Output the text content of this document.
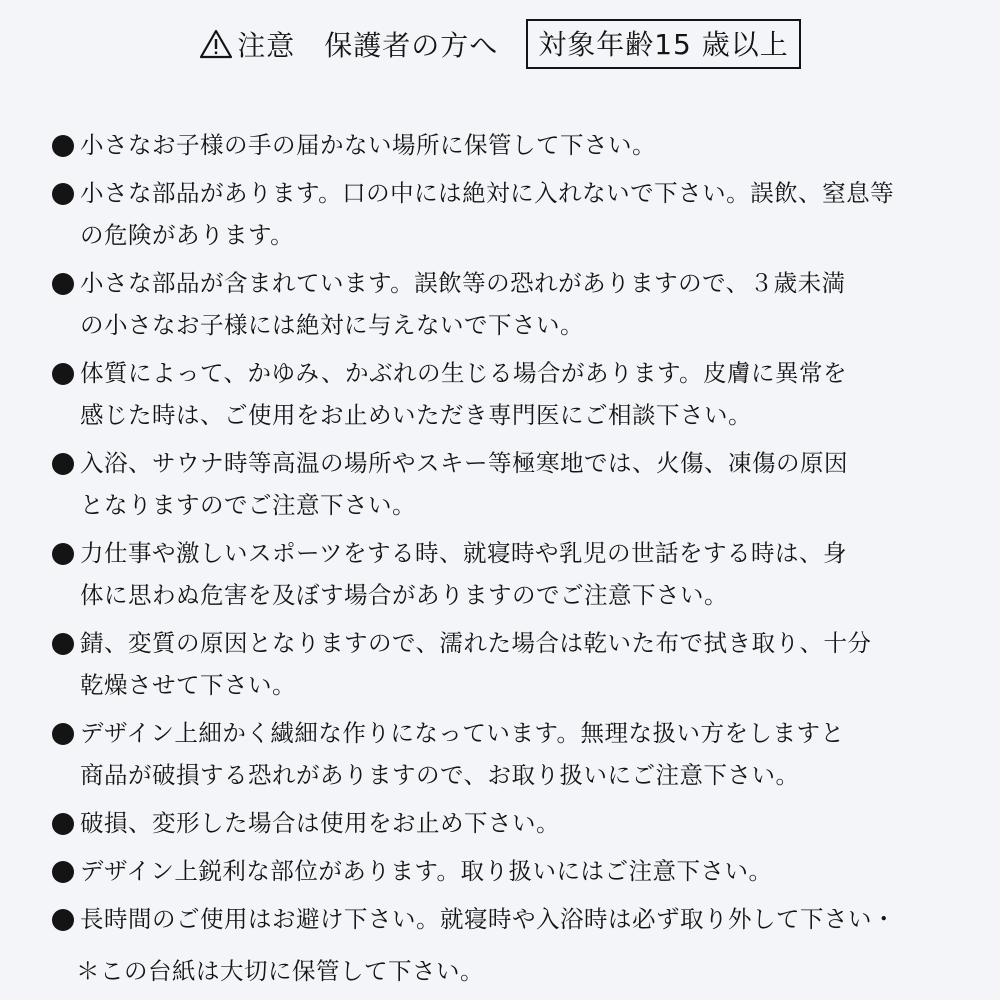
注意　保護者の方へ	対象年齢15 歳以上
小さなお子様の手の届かない場所に保管して下さい。
小さな部品があります。口の中には絶対に入れないで下さい。誤飲、窒息等
の危険があります。
小さな部品が含まれています。誤飲等の恐れがありますので、３歳未満
の小さなお子様には絶対に与えないで下さい。
体質によって、かゆみ、かぶれの生じる場合があります。皮膚に異常を
感じた時は、ご使用をお止めいただき専門医にご相談下さい。
入浴、サウナ時等高温の場所やスキー等極寒地では、火傷、凍傷の原因
となりますのでご注意下さい。
力仕事や激しいスポーツをする時、就寝時や乳児の世話をする時は、身
体に思わぬ危害を及ぼす場合がありますのでご注意下さい。
錆、変質の原因となりますので、濡れた場合は乾いた布で拭き取り、十分
乾燥させて下さい。
デザイン上細かく繊細な作りになっています。無理な扱い方をしますと
商品が破損する恐れがありますので、お取り扱いにご注意下さい。
破損、変形した場合は使用をお止め下さい。
デザイン上鋭利な部位があります。取り扱いにはご注意下さい。
長時間のご使用はお避け下さい。就寝時や入浴時は必ず取り外して下さい・
＊この台紙は大切に保管して下さい。
